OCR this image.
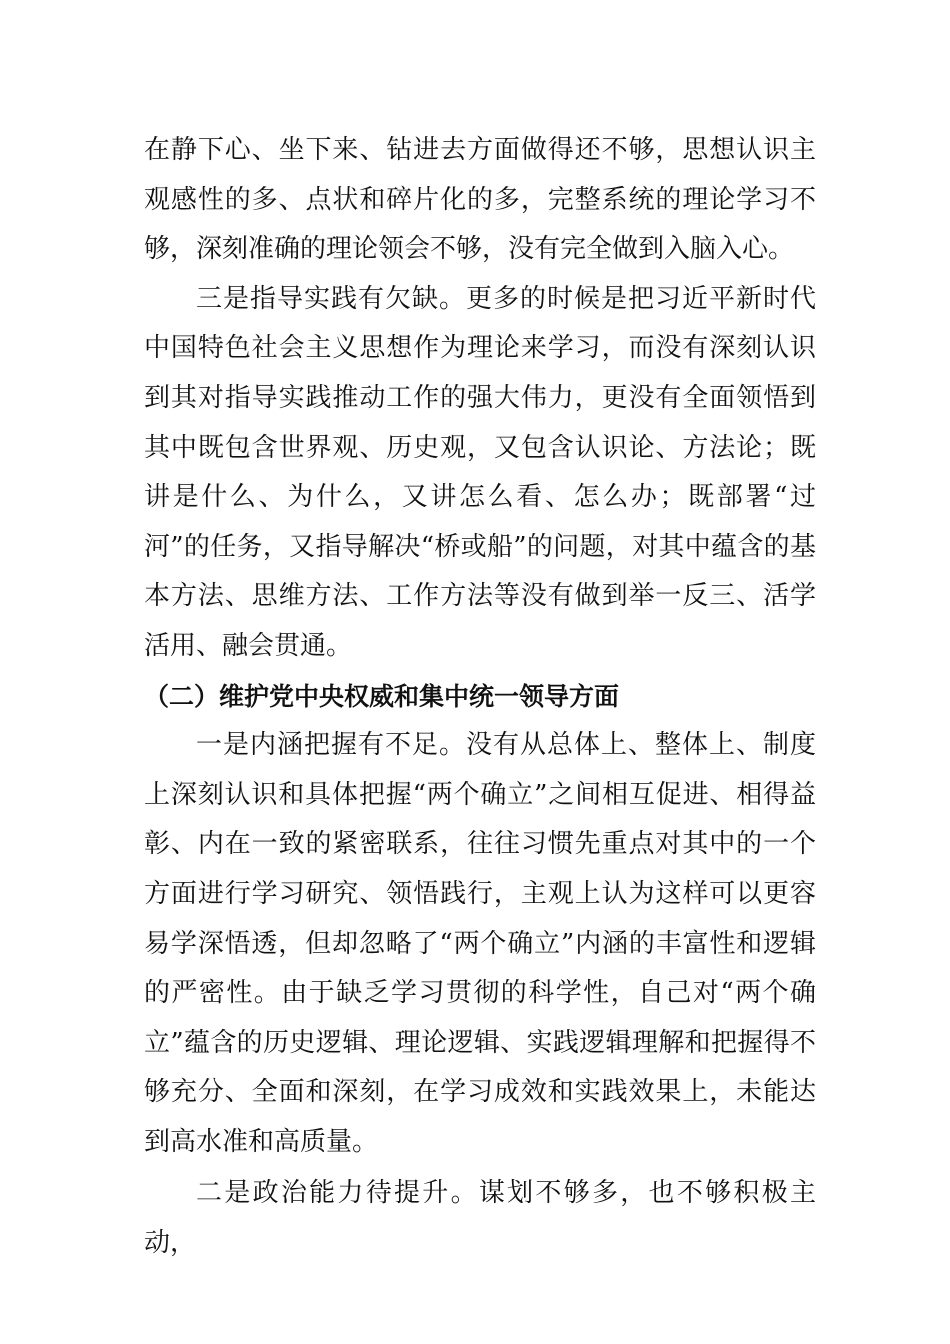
在静下心、坐下来、钻进去方面做得还不够，思想认识主观感性的多、点状和碎片化的多，完整系统的理论学习不够，深刻准确的理论领会不够，没有完全做到入脑入心。

三是指导实践有欠缺。更多的时候是把习近平新时代中国特色社会主义思想作为理论来学习，而没有深刻认识到其对指导实践推动工作的强大伟力，更没有全面领悟到其中既包含世界观、历史观，又包含认识论、方法论；既讲是什么、为什么，又讲怎么看、怎么办；既部署“过河”的任务，又指导解决“桥或船”的问题，对其中蕴含的基本方法、思维方法、工作方法等没有做到举一反三、活学活用、融会贯通。

（二）维护党中央权威和集中统一领导方面

一是内涵把握有不足。没有从总体上、整体上、制度上深刻认识和具体把握“两个确立”之间相互促进、相得益彰、内在一致的紧密联系，往往习惯先重点对其中的一个方面进行学习研究、领悟践行，主观上认为这样可以更容易学深悟透，但却忽略了“两个确立”内涵的丰富性和逻辑的严密性。由于缺乏学习贯彻的科学性，自己对“两个确立”蕴含的历史逻辑、理论逻辑、实践逻辑理解和把握得不够充分、全面和深刻，在学习成效和实践效果上，未能达到高水准和高质量。

二是政治能力待提升。谋划不够多，也不够积极主动，
